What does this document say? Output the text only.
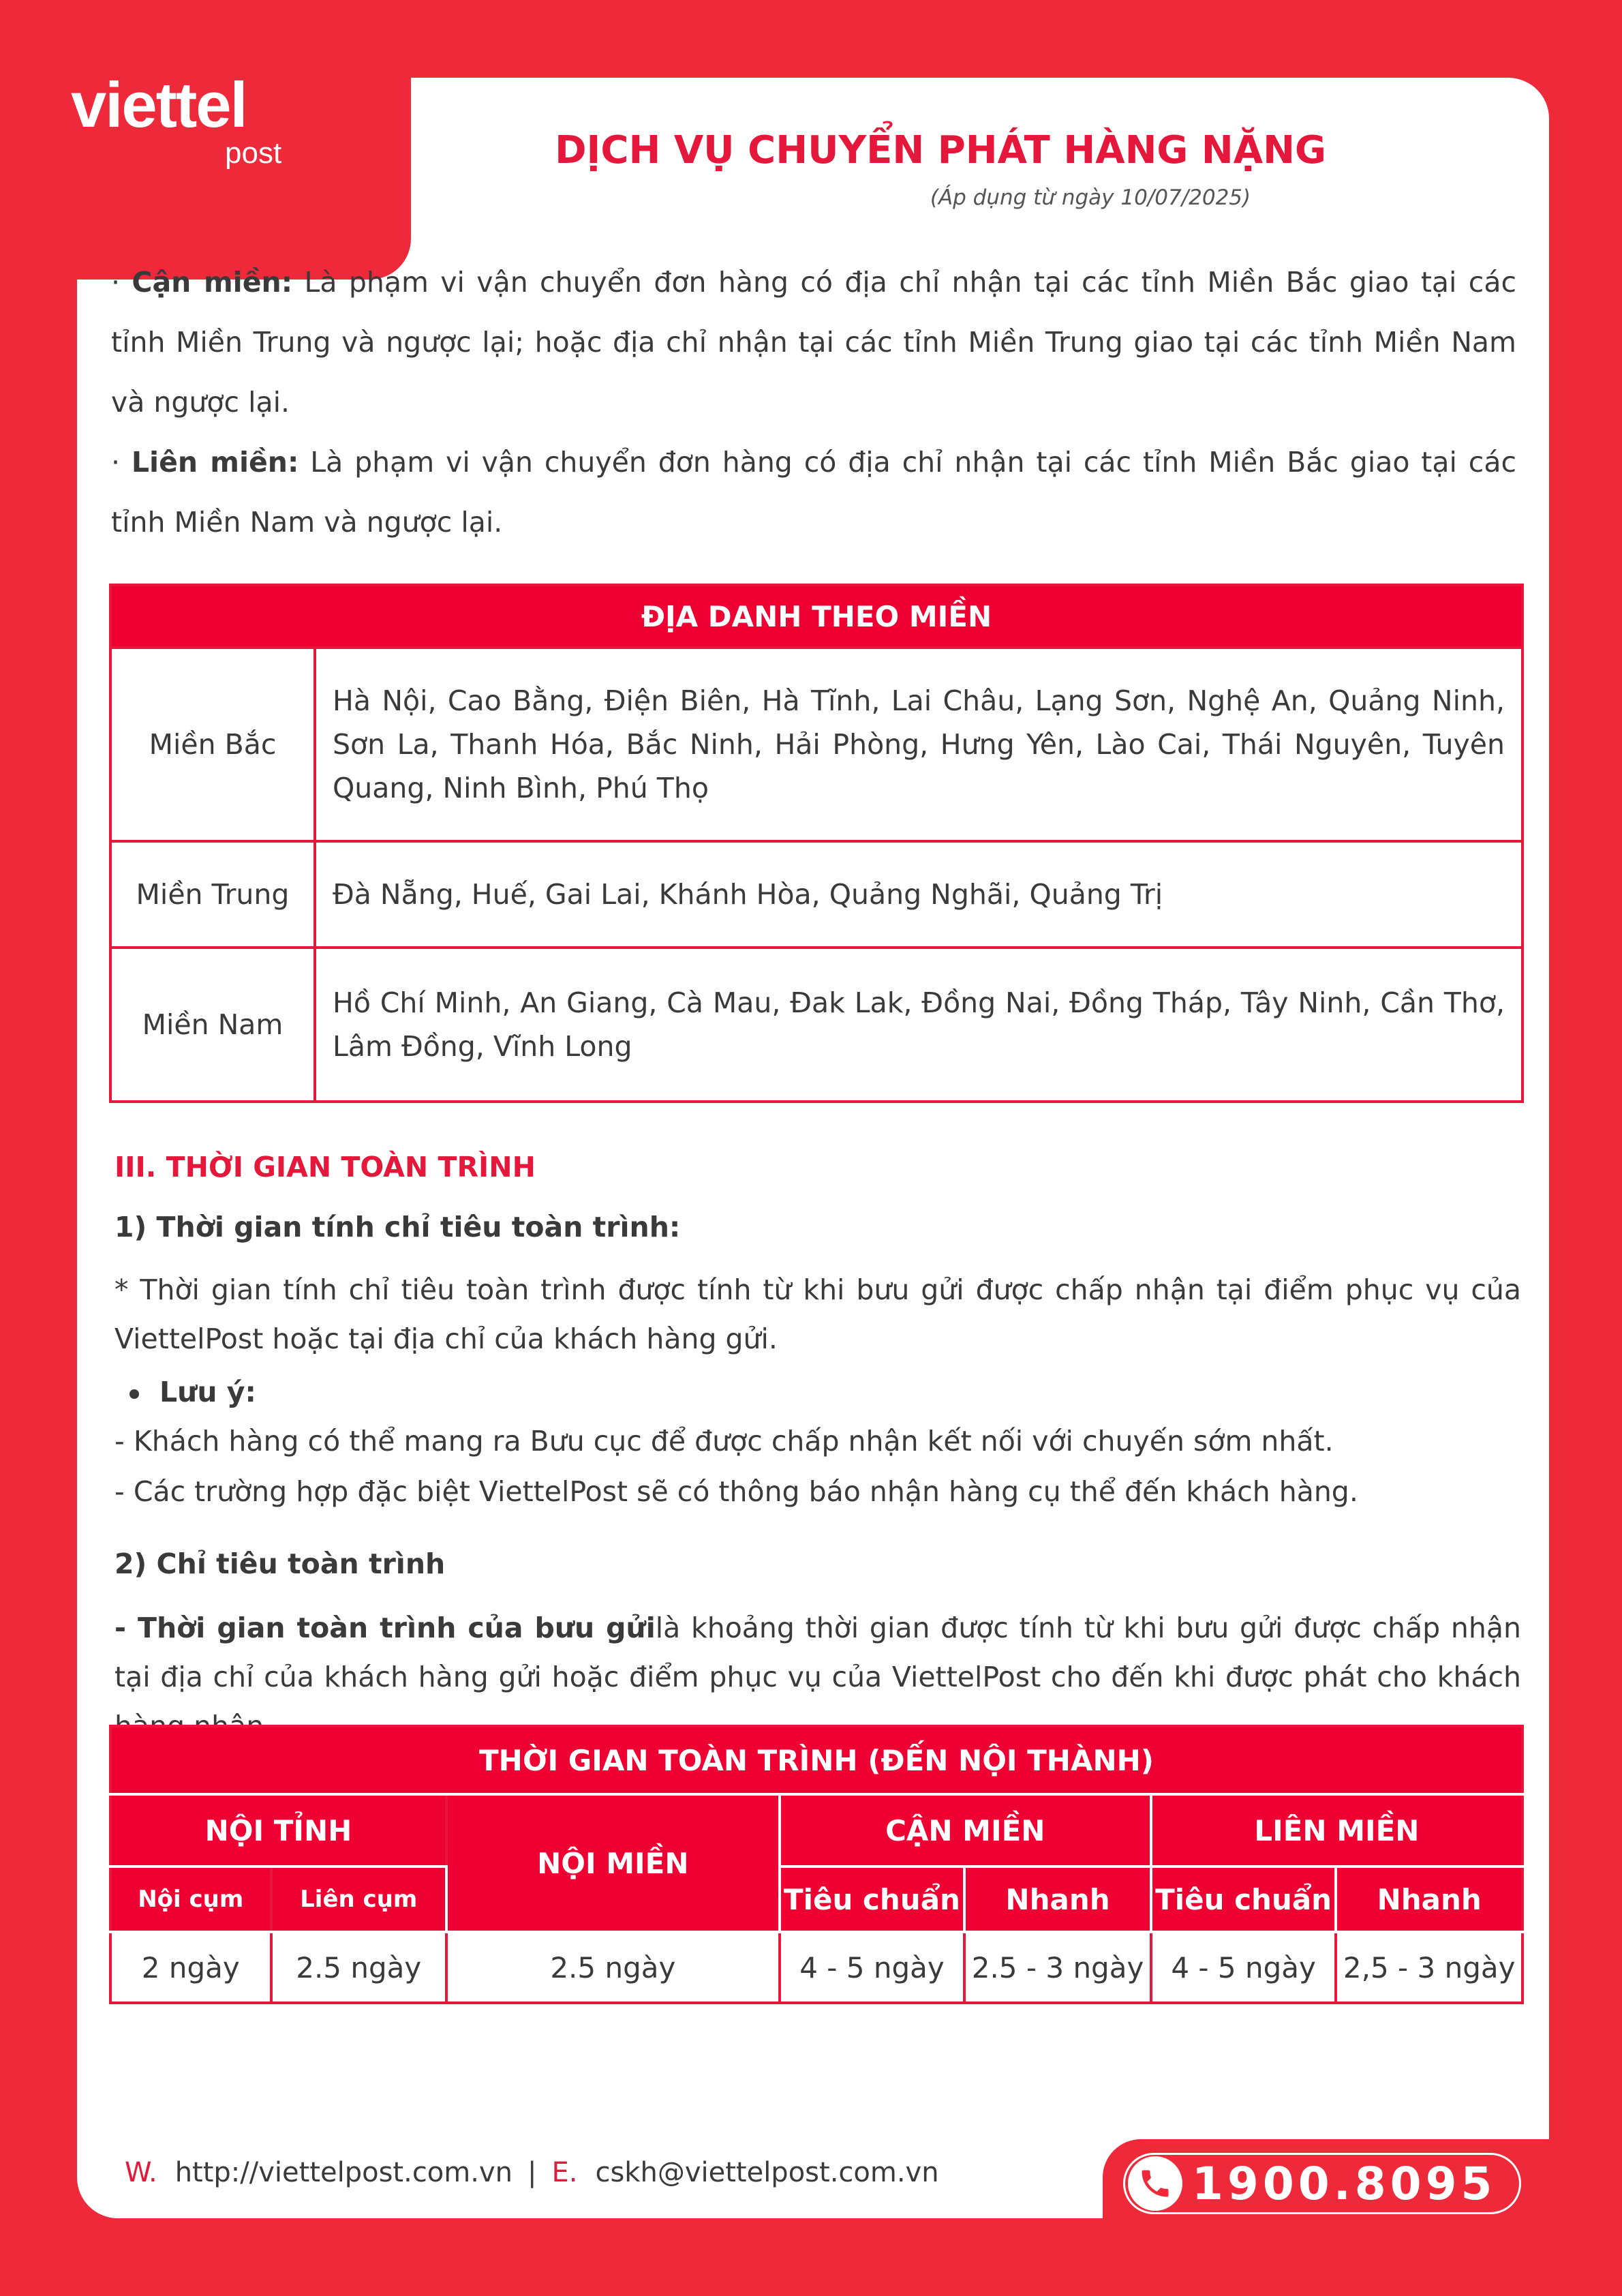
viettel
post	DỊCH VỤ CHUYỂN PHÁT HÀNG NẶNG
(Áp dụng từ ngày 10/07/2025)
· Cận miền: Là phạm vi vận chuyển đơn hàng có địa chỉ nhận tại các tỉnh Miền Bắc giao tại các tỉnh Miền Trung và ngược lại; hoặc địa chỉ nhận tại các tỉnh Miền Trung giao tại các tỉnh Miền Nam và ngược lại.
· Liên miền: Là phạm vi vận chuyển đơn hàng có địa chỉ nhận tại các tỉnh Miền Bắc giao tại các tỉnh Miền Nam và ngược lại.
ĐỊA DANH THEO MIỀN	
Miền Bắc	Hà Nội, Cao Bằng, Điện Biên, Hà Tĩnh, Lai Châu, Lạng Sơn, Nghệ An, Quảng Ninh, Sơn La, Thanh Hóa, Bắc Ninh, Hải Phòng, Hưng Yên, Lào Cai, Thái Nguyên, Tuyên Quang, Ninh Bình, Phú Thọ
Miền Trung	Đà Nẵng, Huế, Gai Lai, Khánh Hòa, Quảng Nghãi, Quảng Trị
Miền Nam	Hồ Chí Minh, An Giang, Cà Mau, Đak Lak, Đồng Nai, Đồng Tháp, Tây Ninh, Cần Thơ, Lâm Đồng, Vĩnh Long
III. THỜI GIAN TOÀN TRÌNH
1) Thời gian tính chỉ tiêu toàn trình:
* Thời gian tính chỉ tiêu toàn trình được tính từ khi bưu gửi được chấp nhận tại điểm phục vụ của ViettelPost hoặc tại địa chỉ của khách hàng gửi.
Lưu ý:
- Khách hàng có thể mang ra Bưu cục để được chấp nhận kết nối với chuyến sớm nhất.
- Các trường hợp đặc biệt ViettelPost sẽ có thông báo nhận hàng cụ thể đến khách hàng.
2) Chỉ tiêu toàn trình
- Thời gian toàn trình của bưu gửilà khoảng thời gian được tính từ khi bưu gửi được chấp nhận tại địa chỉ của khách hàng gửi hoặc điểm phục vụ của ViettelPost cho đến khi được phát cho khách
THỜI GIAN TOÀN TRÌNH (ĐẾN NỘI THÀNH)						
NỘI TỈNH		NỘI MIỀN	CẬN MIỀN		LIÊN MIỀN	
Nội cụm	Liên cụm		Tiêu chuẩn	Nhanh	Tiêu chuẩn	Nhanh
2 ngày	2.5 ngày	2.5 ngày	4 - 5 ngày	2.5 - 3 ngày	4 - 5 ngày	2,5 - 3 ngày
W. http://viettelpost.com.vn | E. cskh@viettelpost.com.vn	1900.8095
